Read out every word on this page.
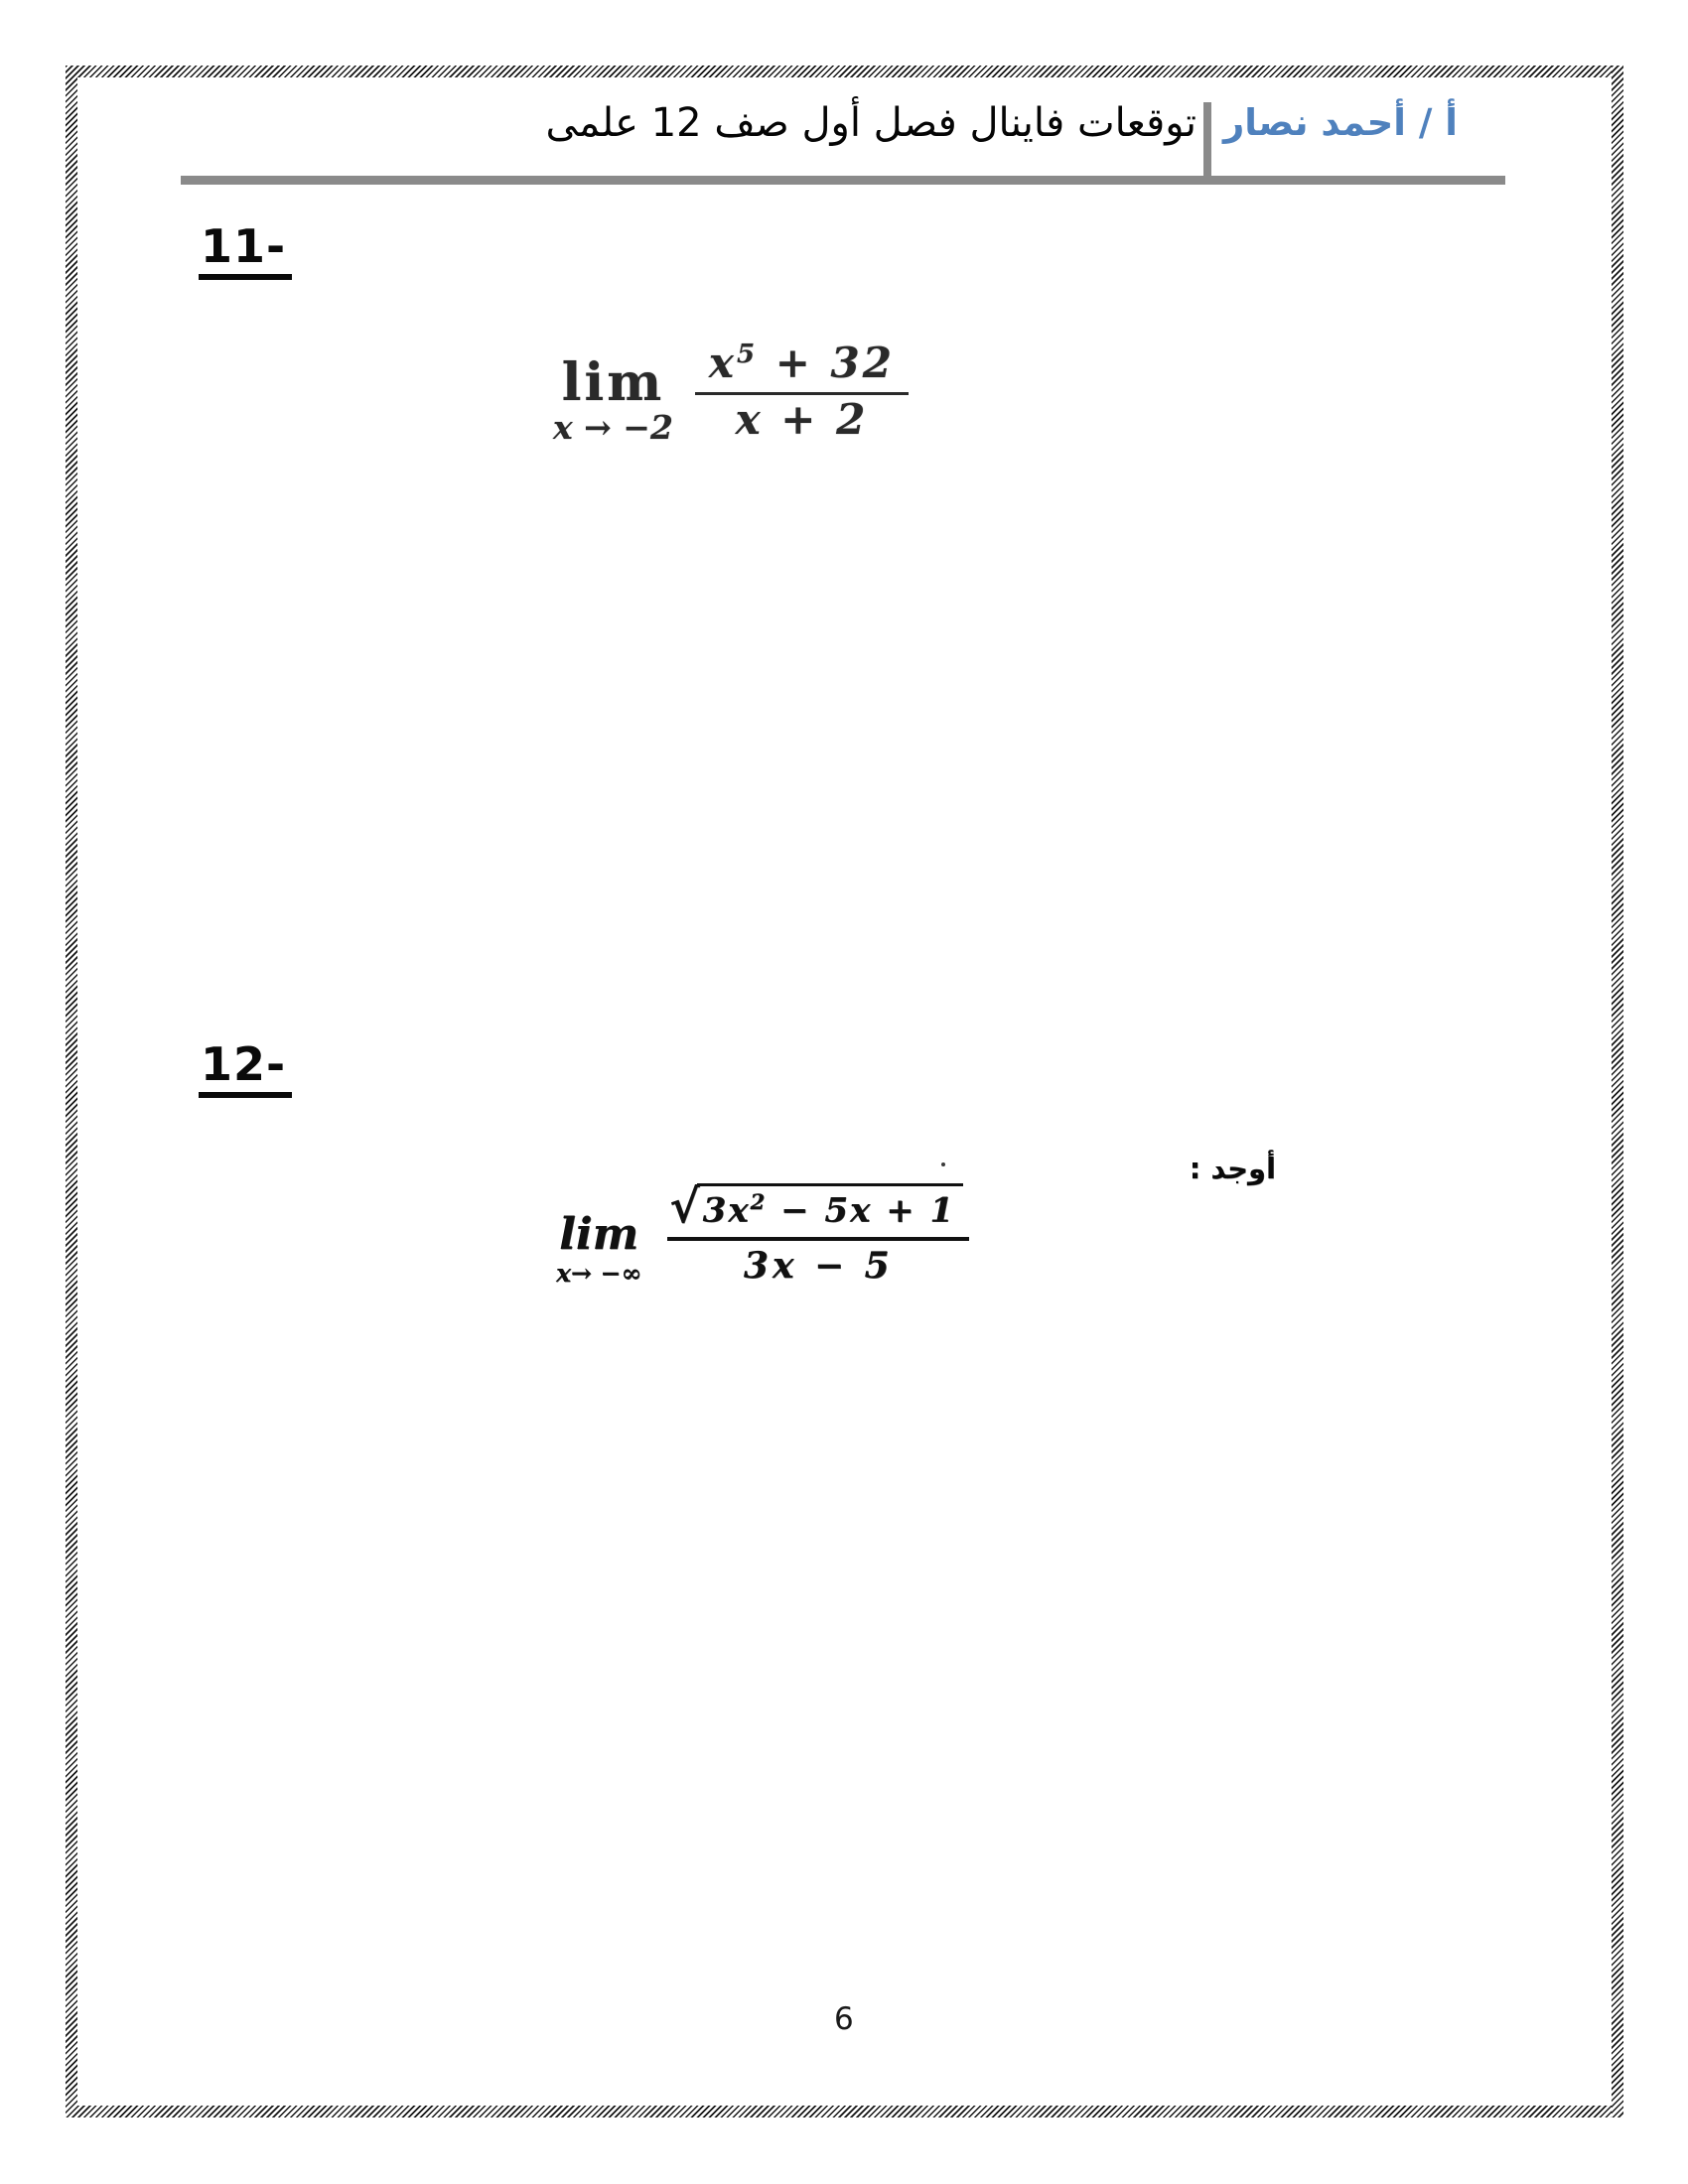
توقعات فاينال فصل أول صف 12 علمى أ / أحمد نصار
11-
lim
$x \to -2 \frac{x^5 + 32}{x + 2}$
12-
أوجد :
lim
x→ −∞ $\frac{√ 3x^2 - 5x + 1}{3x - 5}$
6
